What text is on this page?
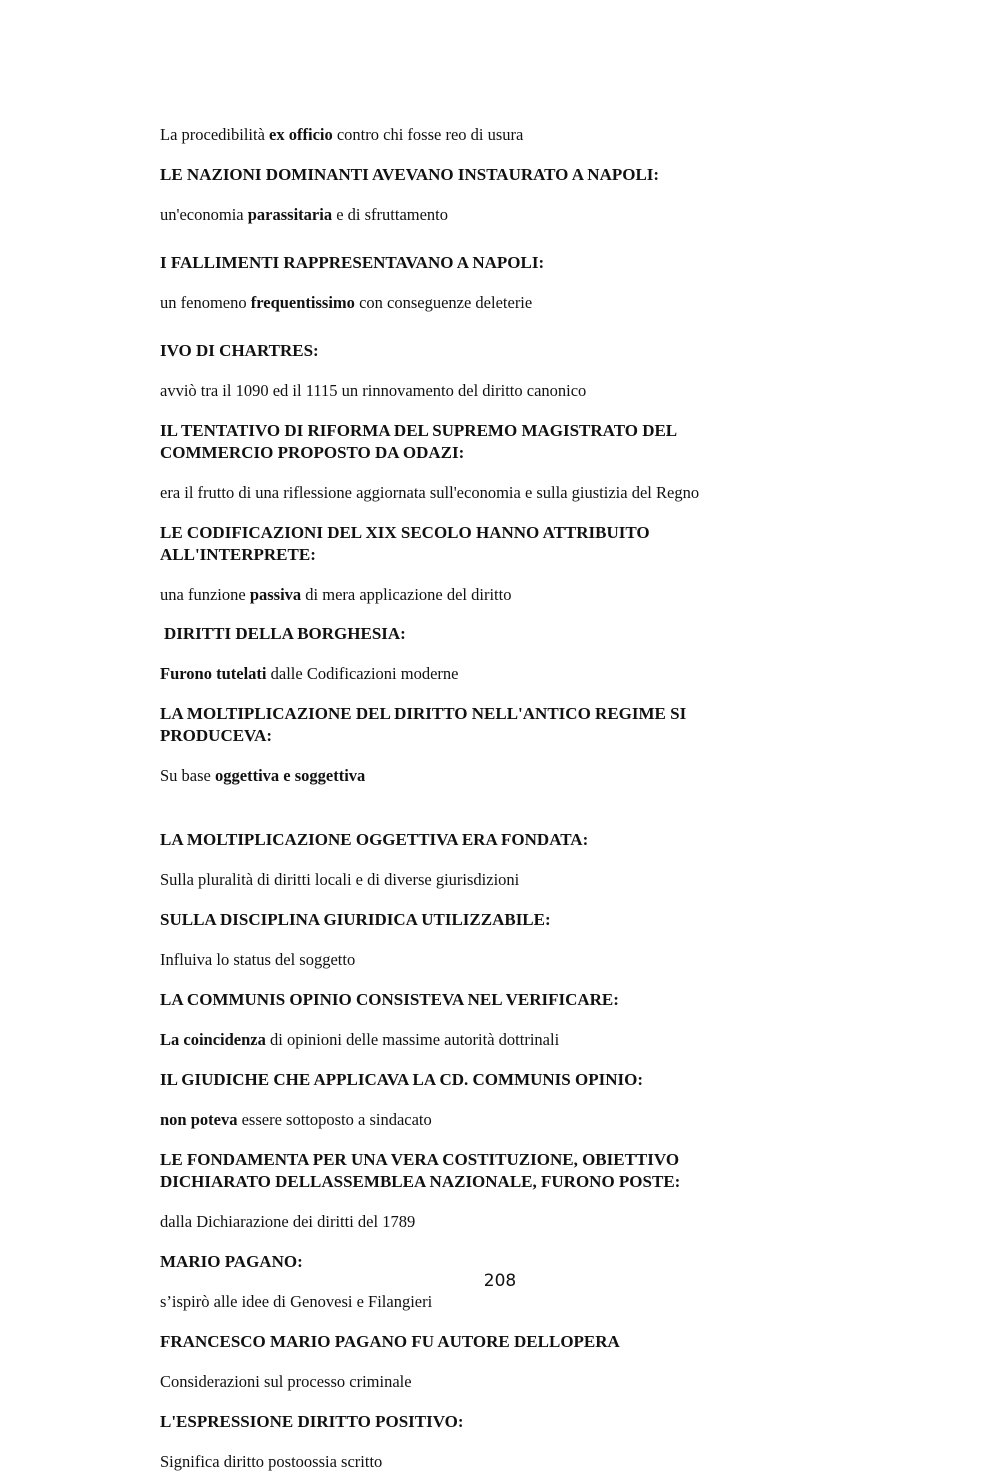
La procedibilità ex officio contro chi fosse reo di usura

LE NAZIONI DOMINANTI AVEVANO INSTAURATO A NAPOLI:

un'economia parassitaria e di sfruttamento

I FALLIMENTI RAPPRESENTAVANO A NAPOLI:

un fenomeno frequentissimo con conseguenze deleterie

IVO DI CHARTRES:

avviò tra il 1090 ed il 1115 un rinnovamento del diritto canonico

IL TENTATIVO DI RIFORMA DEL SUPREMO MAGISTRATO DEL COMMERCIO PROPOSTO DA ODAZI:

era il frutto di una riflessione aggiornata sull'economia e sulla giustizia del Regno

LE CODIFICAZIONI DEL XIX SECOLO HANNO ATTRIBUITO ALL'INTERPRETE:

una funzione passiva di mera applicazione del diritto

DIRITTI DELLA BORGHESIA:

Furono tutelati dalle Codificazioni moderne

LA MOLTIPLICAZIONE DEL DIRITTO NELL'ANTICO REGIME SI PRODUCEVA:

Su base oggettiva e soggettiva

LA MOLTIPLICAZIONE OGGETTIVA ERA FONDATA:

Sulla pluralità di diritti locali e di diverse giurisdizioni

SULLA DISCIPLINA GIURIDICA UTILIZZABILE:

Influiva lo status del soggetto

LA COMMUNIS OPINIO CONSISTEVA NEL VERIFICARE:

La coincidenza di opinioni delle massime autorità dottrinali

IL GIUDICHE CHE APPLICAVA LA CD. COMMUNIS OPINIO:

non poteva essere sottoposto a sindacato

LE FONDAMENTA PER UNA VERA COSTITUZIONE, OBIETTIVO DICHIARATO DELLASSEMBLEA NAZIONALE, FURONO POSTE:

dalla Dichiarazione dei diritti del 1789

MARIO PAGANO:

s’ispirò alle idee di Genovesi e Filangieri

FRANCESCO MARIO PAGANO FU AUTORE DELLOPERA

Considerazioni sul processo criminale

L'ESPRESSIONE DIRITTO POSITIVO:

Significa diritto postoossia scritto

208
